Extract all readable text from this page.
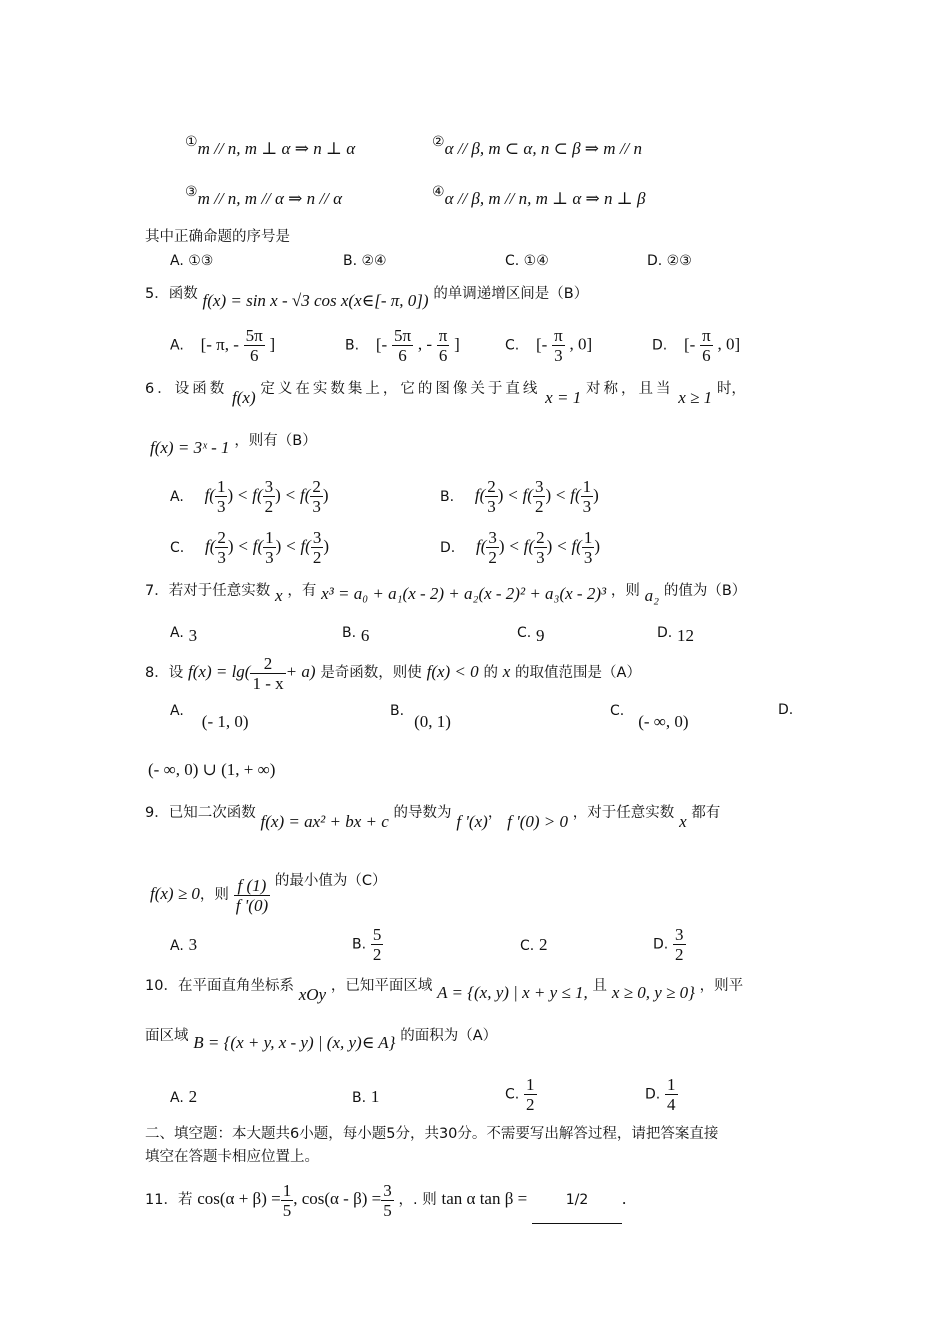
①m // n, m ⊥ α ⇒ n ⊥ α	②α // β, m ⊂ α, n ⊂ β ⇒ m // n
③m // n, m // α ⇒ n // α	④α // β, m // n, m ⊥ α ⇒ n ⊥ β
其中正确命题的序号是
A. ①③	B. ②④	C. ①④	D. ②③
5．函数 f(x) = sin x - √3 cos x(x∈[- π, 0]) 的单调递增区间是（B）
A. [- π, - $\frac{5\pi}{6}$ ]	B. [- $\frac{5\pi}{6}$ , - $\frac{\pi}{6}$ ]	C. [- $\frac{\pi}{3}$ , 0]	D. [- $\frac{\pi}{6}$ , 0]
6．设函数 f(x) 定义在实数集上，它的图像关于直线 x = 1 对称，且当 x ≥ 1 时，
f(x) = 3ˣ - 1 ，则有（B）
A. $f( \frac{1}{3}$ ) < $f( \frac{3}{2}$ ) < $f( \frac{2}{3}$ )	B. $f( \frac{2}{3}$ ) < $f( \frac{3}{2}$ ) < $f( \frac{1}{3}$ )
C. $f( \frac{2}{3}$ ) < $f( \frac{1}{3}$ ) < $f( \frac{3}{2}$ )	D. $f( \frac{3}{2}$ ) < $f( \frac{2}{3}$ ) < $f( \frac{1}{3}$ )
7．若对于任意实数 x ，有 x³ = a₀ + a₁(x - 2) + a₂(x - 2)² + a₃(x - 2)³ ，则 a₂ 的值为（B）
A. 3	B. 6	C. 9	D. 12
8．设 $f(x) = \lg( \frac{2}{1 - x} + a)$ 是奇函数，则使 f(x) < 0 的 x 的取值范围是（A）
A.(- 1, 0)
B.(0, 1)
C.(- ∞, 0)
D.
(- ∞, 0) ∪ (1, + ∞)
9．已知二次函数 f(x) = ax² + bx + c 的导数为 f '(x)， f '(0) > 0 ，对于任意实数 x 都有
f(x) ≥ 0，则 $\frac{f (1)}{f '(0)}$ 的最小值为（C）
A. 3	B. $\frac{5}{2}$	C. 2	D. $\frac{3}{2}$
10．在平面直角坐标系 xOy ，已知平面区域 A = {(x, y) | x + y ≤ 1, 且 x ≥ 0, y ≥ 0} ，则平
面区域 B = {(x + y, x - y) | (x, y)∈ A} 的面积为（A）
A. 2	B. 1	C. $\frac{1}{2}$	D. $\frac{1}{4}$
二、填空题：本大题共6小题，每小题5分，共30分。不需要写出解答过程，请把答案直接
填空在答题卡相应位置上。
11．若 $\cos(\alpha + \beta) = \frac{1}{5}$ , $\cos(\alpha - \beta) = \frac{3}{5}$ ，. 则 tan α tan β =	1/2 .
